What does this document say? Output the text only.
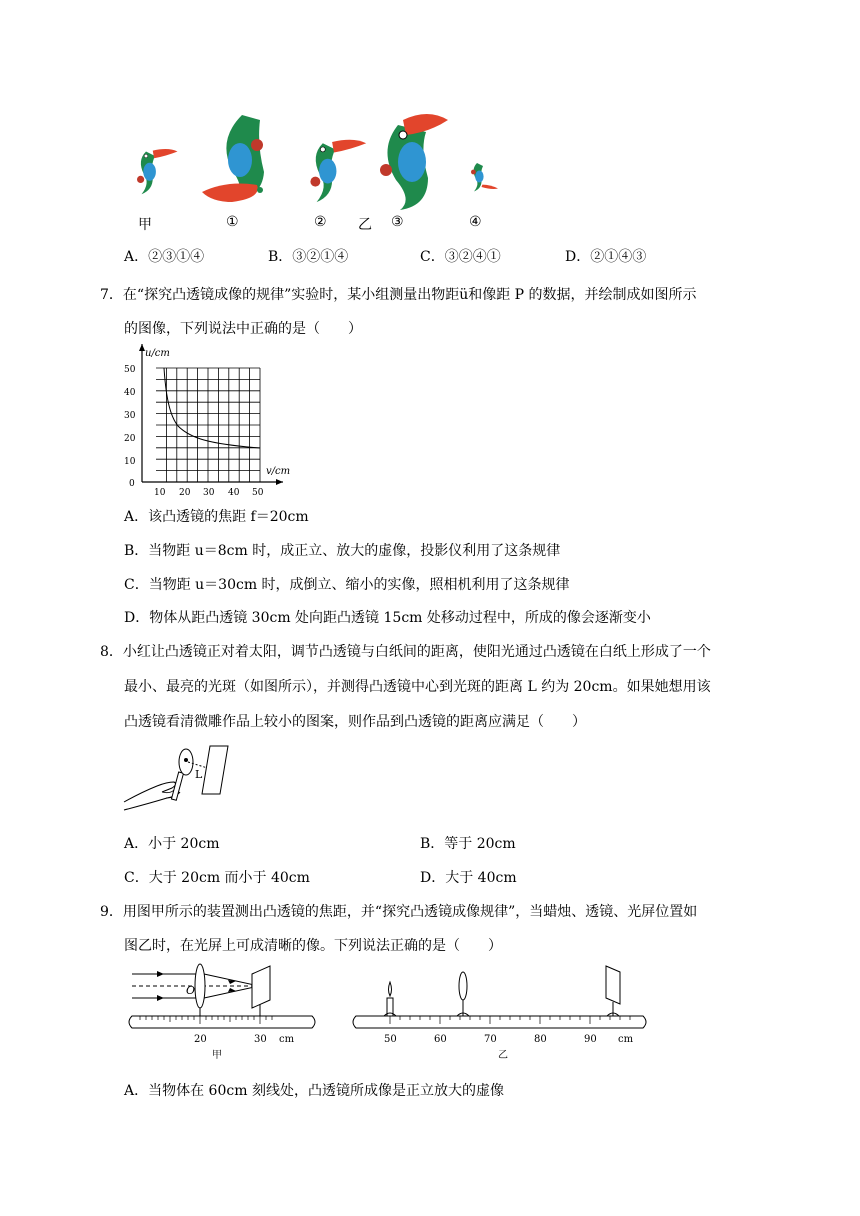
甲	①	② 乙 ③	④
A．②③①④	B．③②①④	C．③②④①	D．②①④③
7．在“探究凸透镜成像的规律”实验时，某小组测量出物距ü和像距 P 的数据，并绘制成如图所示
的图像，下列说法中正确的是（　　）
u/cm
v/cm
50
40
30
20
10
0
10 20 30 40 50
A．该凸透镜的焦距 f＝20cm
B．当物距 u＝8cm 时，成正立、放大的虚像，投影仪利用了这条规律
C．当物距 u＝30cm 时，成倒立、缩小的实像，照相机利用了这条规律
D．物体从距凸透镜 30cm 处向距凸透镜 15cm 处移动过程中，所成的像会逐渐变小
8．小红让凸透镜正对着太阳，调节凸透镜与白纸间的距离，使阳光通过凸透镜在白纸上形成了一个
最小、最亮的光斑（如图所示），并测得凸透镜中心到光斑的距离 L 约为 20cm。如果她想用该
凸透镜看清微雕作品上较小的图案，则作品到凸透镜的距离应满足（　　）
L
A．小于 20cm	B．等于 20cm
C．大于 20cm 而小于 40cm	D．大于 40cm
9．用图甲所示的装置测出凸透镜的焦距，并“探究凸透镜成像规律”，当蜡烛、透镜、光屏位置如
图乙时，在光屏上可成清晰的像。下列说法正确的是（　　）
O
20	30 cm
甲
50	60	70	80	90 cm
乙
A．当物体在 60cm 刻线处，凸透镜所成像是正立放大的虚像
